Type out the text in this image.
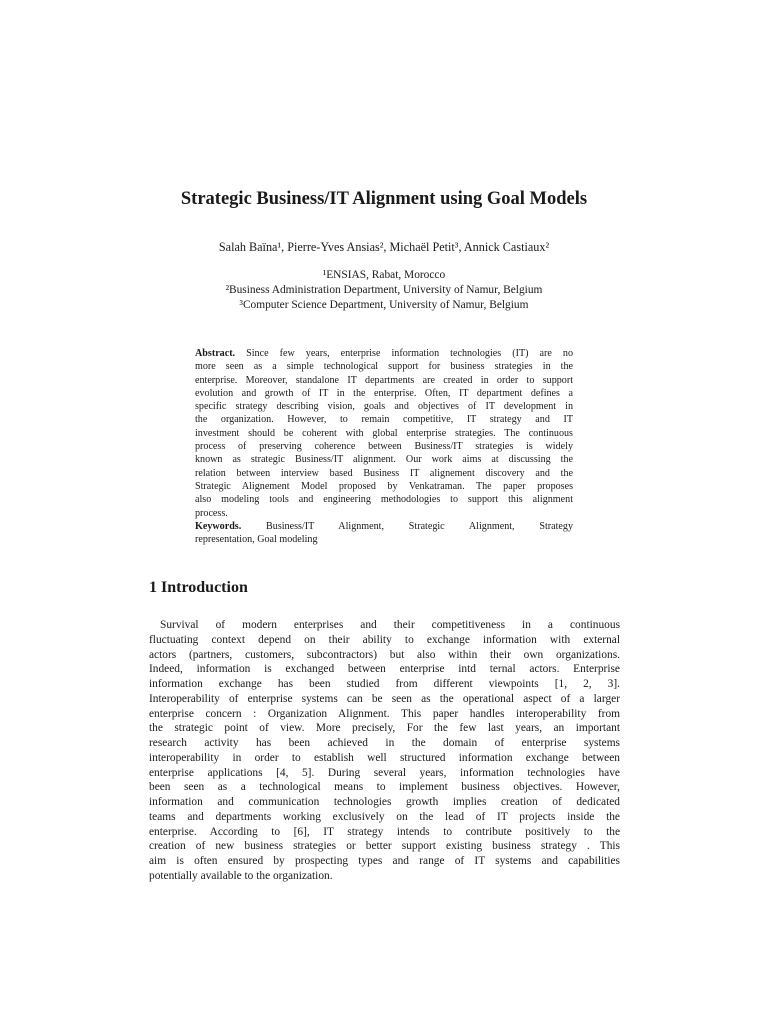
Strategic Business/IT Alignment using Goal Models
Salah Baïna¹, Pierre-Yves Ansias², Michaël Petit³, Annick Castiaux²
¹ENSIAS, Rabat, Morocco
²Business Administration Department, University of Namur, Belgium
³Computer Science Department, University of Namur, Belgium
Abstract. Since few years, enterprise information technologies (IT) are no
more seen as a simple technological support for business strategies in the
enterprise. Moreover, standalone IT departments are created in order to support
evolution and growth of IT in the enterprise. Often, IT department defines a
specific strategy describing vision, goals and objectives of IT development in
the organization. However, to remain competitive, IT strategy and IT
investment should be coherent with global enterprise strategies. The continuous
process of preserving coherence between Business/IT strategies is widely
known as strategic Business/IT alignment. Our work aims at discussing the
relation between interview based Business IT alignement discovery and the
Strategic Alignement Model proposed by Venkatraman. The paper proposes
also modeling tools and engineering methodologies to support this alignment
process.
Keywords. Business/IT Alignment, Strategic Alignment, Strategy
representation, Goal modeling
1 Introduction
Survival of modern enterprises and their competitiveness in a continuous
fluctuating context depend on their ability to exchange information with external
actors (partners, customers, subcontractors) but also within their own organizations.
Indeed, information is exchanged between enterprise intd ternal actors. Enterprise
information exchange has been studied from different viewpoints [1, 2, 3].
Interoperability of enterprise systems can be seen as the operational aspect of a larger
enterprise concern : Organization Alignment. This paper handles interoperability from
the strategic point of view. More precisely, For the few last years, an important
research activity has been achieved in the domain of enterprise systems
interoperability in order to establish well structured information exchange between
enterprise applications [4, 5]. During several years, information technologies have
been seen as a technological means to implement business objectives. However,
information and communication technologies growth implies creation of dedicated
teams and departments working exclusively on the lead of IT projects inside the
enterprise. According to [6], IT strategy intends to contribute positively to the
creation of new business strategies or better support existing business strategy . This
aim is often ensured by prospecting types and range of IT systems and capabilities
potentially available to the organization.
